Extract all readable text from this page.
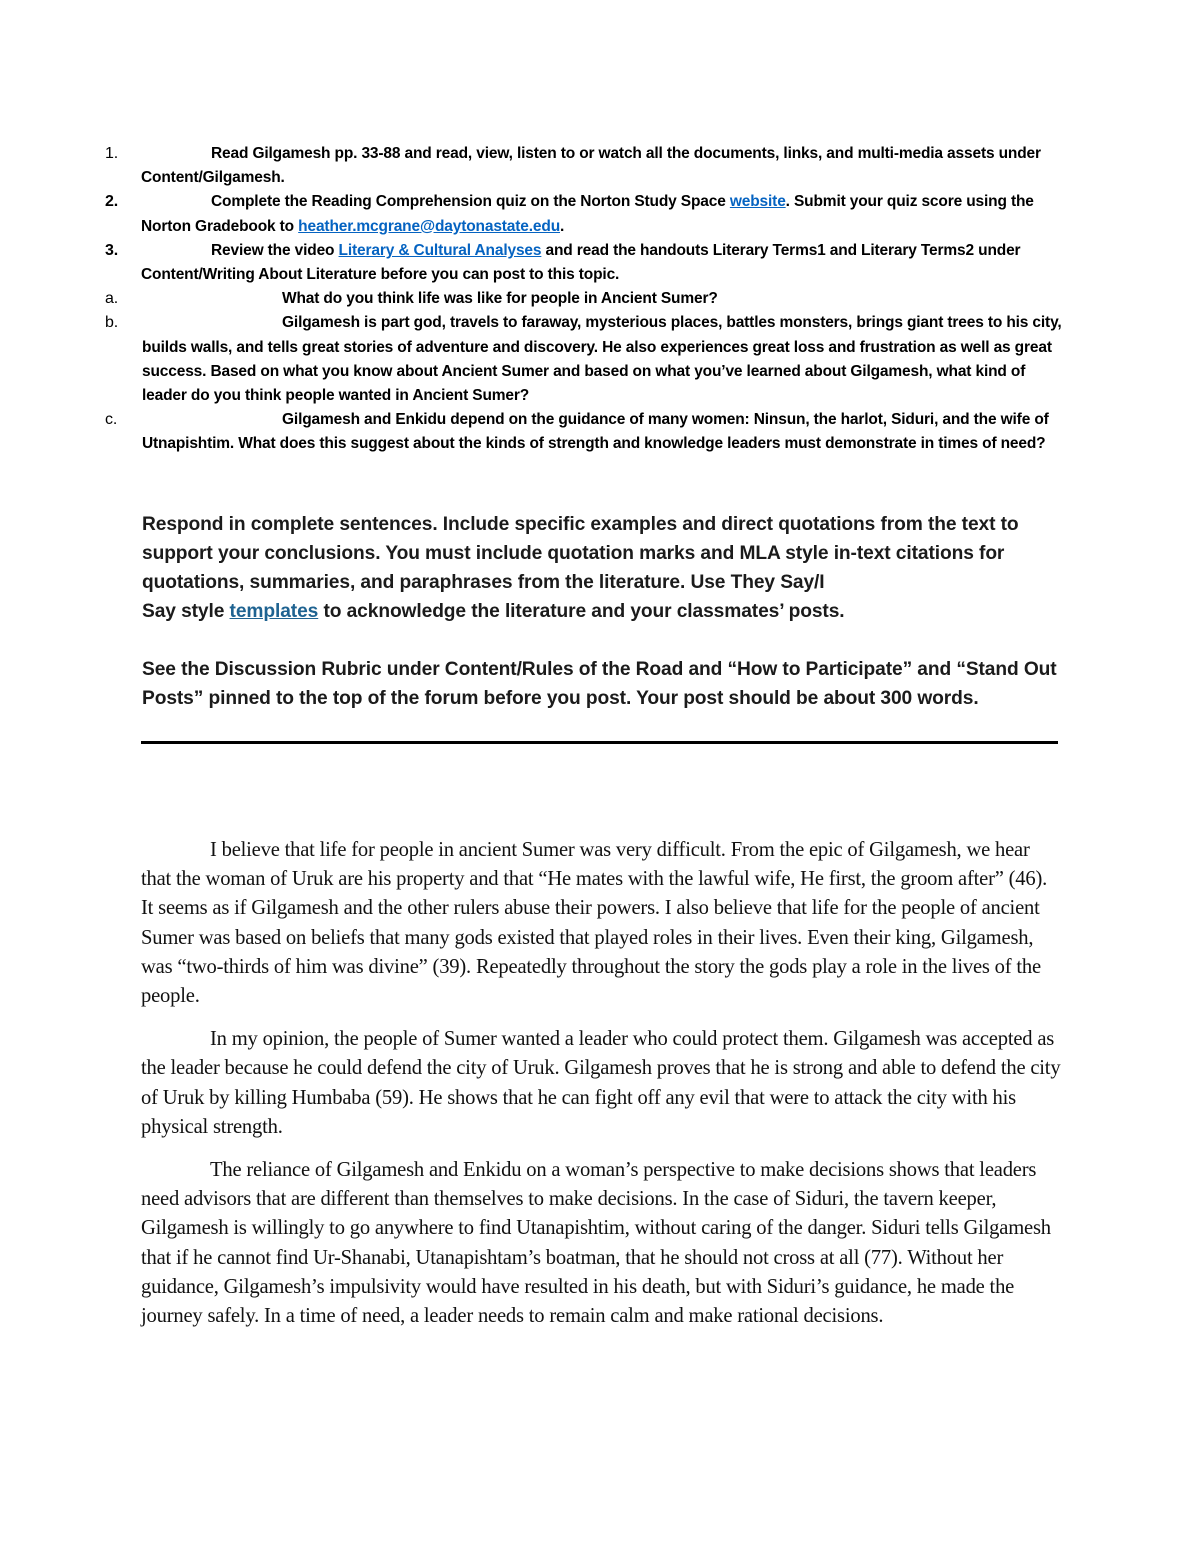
1.	Read Gilgamesh pp. 33-88 and read, view, listen to or watch all the documents, links, and multi-media assets under Content/Gilgamesh.
2.	Complete the Reading Comprehension quiz on the Norton Study Space website. Submit your quiz score using the Norton Gradebook to heather.mcgrane@daytonastate.edu.
3.	Review the video Literary & Cultural Analyses and read the handouts Literary Terms1 and Literary Terms2 under Content/Writing About Literature before you can post to this topic.
a.	What do you think life was like for people in Ancient Sumer?
b.	Gilgamesh is part god, travels to faraway, mysterious places, battles monsters, brings giant trees to his city, builds walls, and tells great stories of adventure and discovery. He also experiences great loss and frustration as well as great success. Based on what you know about Ancient Sumer and based on what you’ve learned about Gilgamesh, what kind of leader do you think people wanted in Ancient Sumer?
c.	Gilgamesh and Enkidu depend on the guidance of many women: Ninsun, the harlot, Siduri, and the wife of Utnapishtim. What does this suggest about the kinds of strength and knowledge leaders must demonstrate in times of need?

Respond in complete sentences. Include specific examples and direct quotations from the text to support your conclusions. You must include quotation marks and MLA style in-text citations for quotations, summaries, and paraphrases from the literature. Use They Say/I
Say style templates to acknowledge the literature and your classmates’ posts.

See the Discussion Rubric under Content/Rules of the Road and “How to Participate” and “Stand Out Posts” pinned to the top of the forum before you post. Your post should be about 300 words.

I believe that life for people in ancient Sumer was very difficult. From the epic of Gilgamesh, we hear that the woman of Uruk are his property and that “He mates with the lawful wife, He first, the groom after” (46). It seems as if Gilgamesh and the other rulers abuse their powers. I also believe that life for the people of ancient Sumer was based on beliefs that many gods existed that played roles in their lives. Even their king, Gilgamesh, was “two-thirds of him was divine” (39). Repeatedly throughout the story the gods play a role in the lives of the people.

In my opinion, the people of Sumer wanted a leader who could protect them. Gilgamesh was accepted as the leader because he could defend the city of Uruk. Gilgamesh proves that he is strong and able to defend the city of Uruk by killing Humbaba (59). He shows that he can fight off any evil that were to attack the city with his physical strength.

The reliance of Gilgamesh and Enkidu on a woman’s perspective to make decisions shows that leaders need advisors that are different than themselves to make decisions. In the case of Siduri, the tavern keeper, Gilgamesh is willingly to go anywhere to find Utanapishtim, without caring of the danger. Siduri tells Gilgamesh that if he cannot find Ur-Shanabi, Utanapishtam’s boatman, that he should not cross at all (77). Without her guidance, Gilgamesh’s impulsivity would have resulted in his death, but with Siduri’s guidance, he made the journey safely. In a time of need, a leader needs to remain calm and make rational decisions.
